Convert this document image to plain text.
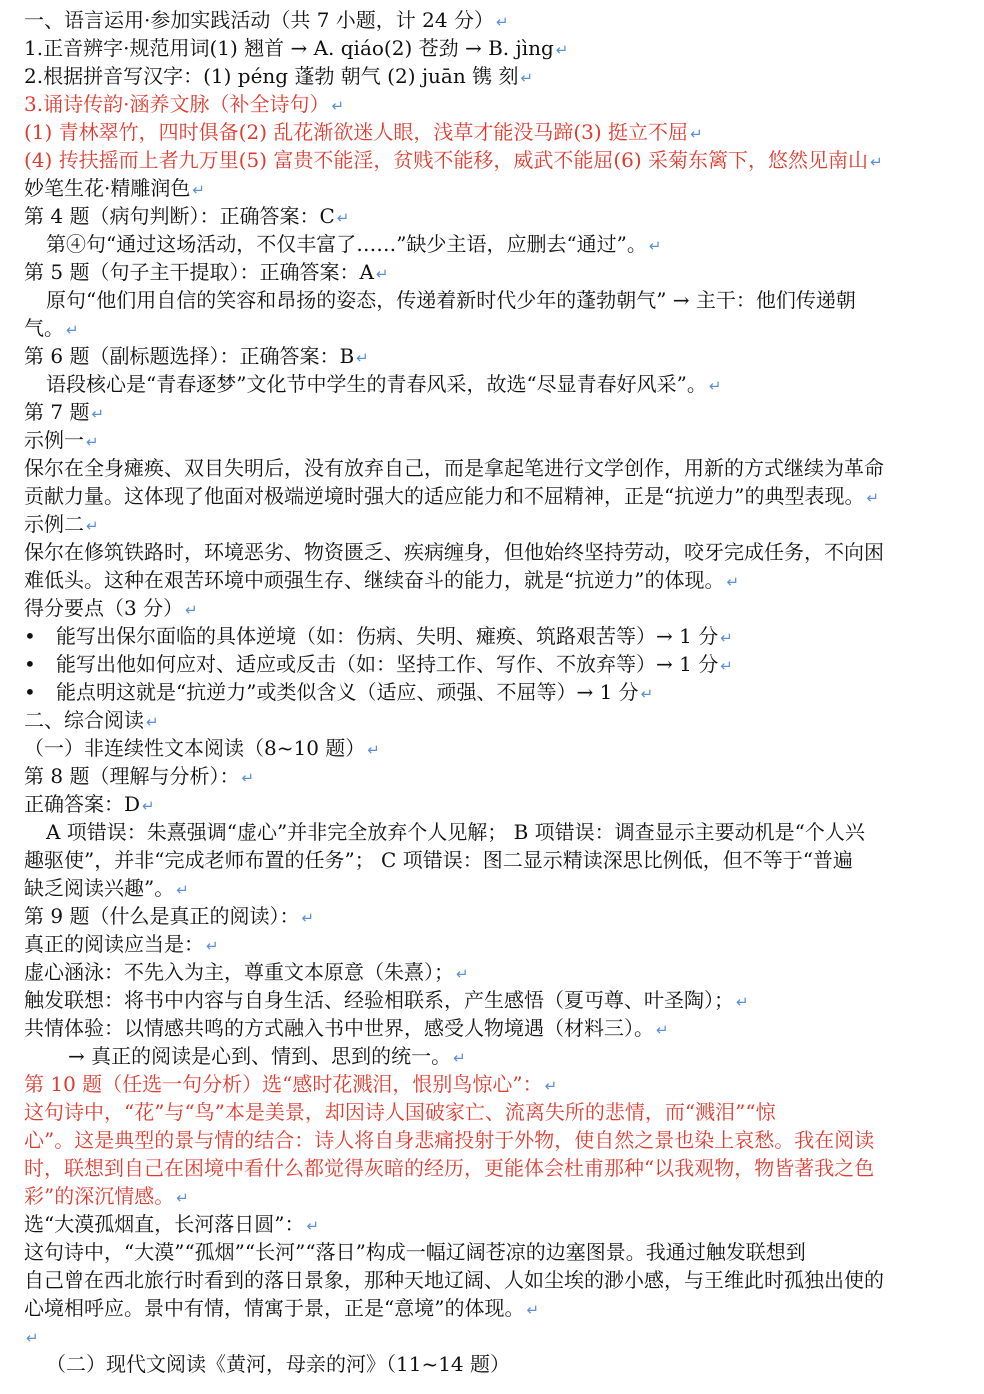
一、语言运用·参加实践活动（共 7 小题，计 24 分） ↵
1.正音辨字·规范用词(1) 翘首 → A. qiáo(2) 苍劲 → B. jìng ↵
2.根据拼音写汉字：(1) péng 蓬勃 朝气 (2) juān 镌 刻 ↵
3.诵诗传韵·涵养文脉（补全诗句） ↵
(1) 青林翠竹，四时俱备(2) 乱花渐欲迷人眼，浅草才能没马蹄(3) 挺立不屈 ↵
(4) 抟扶摇而上者九万里(5) 富贵不能淫，贫贱不能移，威武不能屈(6) 采菊东篱下，悠然见南山 ↵
妙笔生花·精雕润色 ↵
第 4 题（病句判断）：正确答案：C ↵
第④句“通过这场活动，不仅丰富了……”缺少主语，应删去“通过”。 ↵
第 5 题（句子主干提取）：正确答案：A ↵
原句“他们用自信的笑容和昂扬的姿态，传递着新时代少年的蓬勃朝气” → 主干：他们传递朝
气。 ↵
第 6 题（副标题选择）：正确答案：B ↵
语段核心是“青春逐梦”文化节中学生的青春风采，故选“尽显青春好风采”。 ↵
第 7 题 ↵
示例一 ↵
保尔在全身瘫痪、双目失明后，没有放弃自己，而是拿起笔进行文学创作，用新的方式继续为革命
贡献力量。这体现了他面对极端逆境时强大的适应能力和不屈精神，正是“抗逆力”的典型表现。 ↵
示例二 ↵
保尔在修筑铁路时，环境恶劣、物资匮乏、疾病缠身，但他始终坚持劳动，咬牙完成任务，不向困
难低头。这种在艰苦环境中顽强生存、继续奋斗的能力，就是“抗逆力”的体现。 ↵
得分要点（3 分） ↵
• 能写出保尔面临的具体逆境（如：伤病、失明、瘫痪、筑路艰苦等）→ 1 分 ↵
• 能写出他如何应对、适应或反击（如：坚持工作、写作、不放弃等）→ 1 分 ↵
• 能点明这就是“抗逆力”或类似含义（适应、顽强、不屈等）→ 1 分 ↵
二、综合阅读 ↵
（一）非连续性文本阅读（8~10 题） ↵
第 8 题（理解与分析）： ↵
正确答案：D ↵
A 项错误：朱熹强调“虚心”并非完全放弃个人见解； B 项错误：调查显示主要动机是“个人兴
趣驱使”，并非“完成老师布置的任务”； C 项错误：图二显示精读深思比例低，但不等于“普遍
缺乏阅读兴趣”。 ↵
第 9 题（什么是真正的阅读）： ↵
真正的阅读应当是： ↵
虚心涵泳：不先入为主，尊重文本原意（朱熹）； ↵
触发联想：将书中内容与自身生活、经验相联系，产生感悟（夏丏尊、叶圣陶）； ↵
共情体验：以情感共鸣的方式融入书中世界，感受人物境遇（材料三）。 ↵
→ 真正的阅读是心到、情到、思到的统一。 ↵
第 10 题（任选一句分析）选“感时花溅泪，恨别鸟惊心”： ↵
这句诗中，“花”与“鸟”本是美景，却因诗人国破家亡、流离失所的悲情，而“溅泪”“惊
心”。这是典型的景与情的结合：诗人将自身悲痛投射于外物，使自然之景也染上哀愁。我在阅读
时，联想到自己在困境中看什么都觉得灰暗的经历，更能体会杜甫那种“以我观物，物皆著我之色
彩”的深沉情感。 ↵
选“大漠孤烟直，长河落日圆”： ↵
这句诗中，“大漠”“孤烟”“长河”“落日”构成一幅辽阔苍凉的边塞图景。我通过触发联想到
自己曾在西北旅行时看到的落日景象，那种天地辽阔、人如尘埃的渺小感，与王维此时孤独出使的
心境相呼应。景中有情，情寓于景，正是“意境”的体现。 ↵
↵
（二）现代文阅读《黄河，母亲的河》（11~14 题）
